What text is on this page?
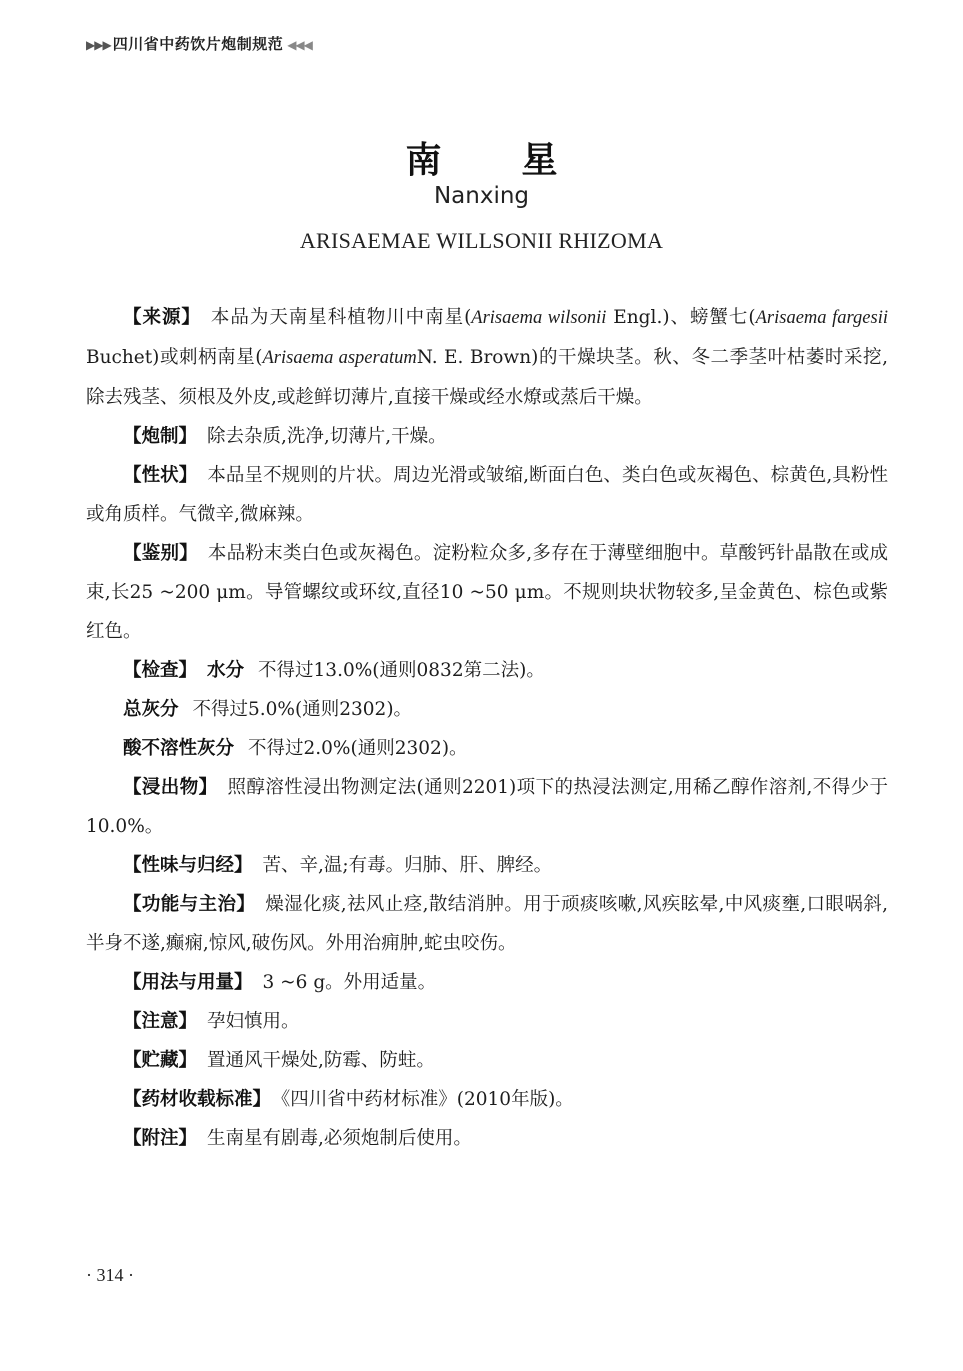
▶▶▶ 四川省中药饮片炮制规范 ◀◀◀
南星
Nanxing
ARISAEMAE WILLSONII RHIZOMA

【来源】 本品为天南星科植物川中南星(Arisaema wilsonii Engl.)、螃蟹七(Arisaema fargesii Buchet)或刺柄南星(Arisaema asperatumN. E. Brown)的干燥块茎。秋、冬二季茎叶枯萎时采挖,除去残茎、须根及外皮,或趁鲜切薄片,直接干燥或经水燎或蒸后干燥。

【炮制】 除去杂质,洗净,切薄片,干燥。

【性状】 本品呈不规则的片状。周边光滑或皱缩,断面白色、类白色或灰褐色、棕黄色,具粉性或角质样。气微辛,微麻辣。

【鉴别】 本品粉末类白色或灰褐色。淀粉粒众多,多存在于薄壁细胞中。草酸钙针晶散在或成束,长25 ~200 μm。导管螺纹或环纹,直径10 ~50 μm。不规则块状物较多,呈金黄色、棕色或紫红色。

【检查】 水分 不得过13.0%(通则0832第二法)。

总灰分 不得过5.0%(通则2302)。

酸不溶性灰分 不得过2.0%(通则2302)。

【浸出物】 照醇溶性浸出物测定法(通则2201)项下的热浸法测定,用稀乙醇作溶剂,不得少于10.0%。

【性味与归经】 苦、辛,温;有毒。归肺、肝、脾经。

【功能与主治】 燥湿化痰,祛风止痉,散结消肿。用于顽痰咳嗽,风疾眩晕,中风痰壅,口眼㖞斜,半身不遂,癫痫,惊风,破伤风。外用治痈肿,蛇虫咬伤。

【用法与用量】 3 ~6 g。外用适量。

【注意】 孕妇慎用。

【贮藏】 置通风干燥处,防霉、防蛀。

【药材收载标准】 《四川省中药材标准》(2010年版)。

【附注】 生南星有剧毒,必须炮制后使用。

· 314 ·
